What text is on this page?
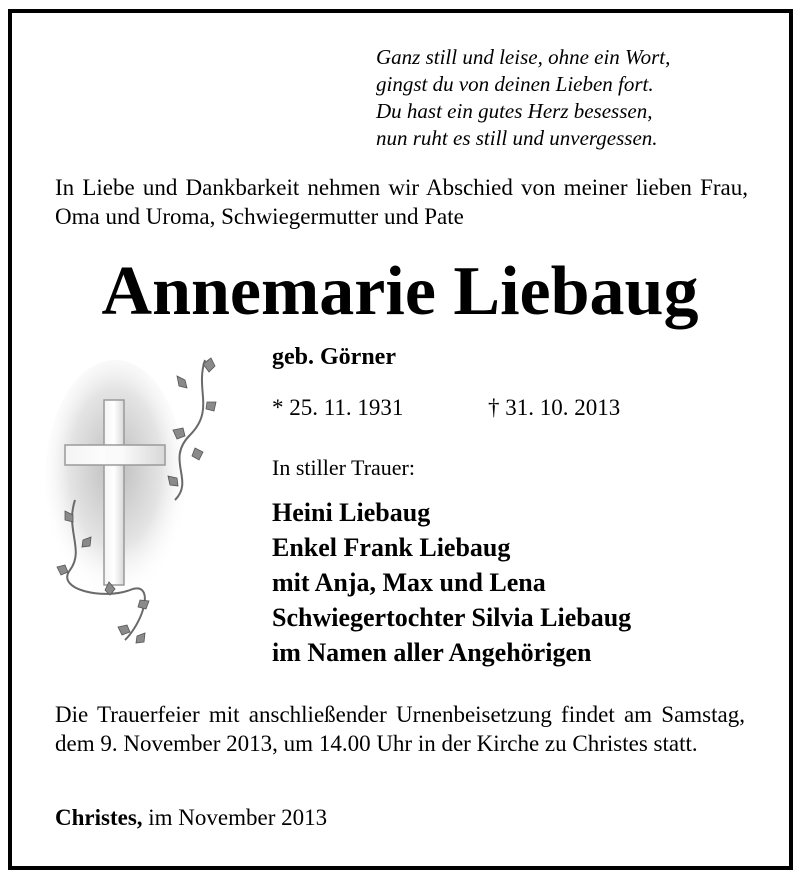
Ganz still und leise, ohne ein Wort,
gingst du von deinen Lieben fort.
Du hast ein gutes Herz besessen,
nun ruht es still und unvergessen.
In Liebe und Dankbarkeit nehmen wir Abschied von meiner lieben Frau, Oma und Uroma, Schwiegermutter und Pate
Annemarie Liebaug
geb. Görner
* 25. 11. 1931	† 31. 10. 2013
In stiller Trauer:
Heini Liebaug
Enkel Frank Liebaug
mit Anja, Max und Lena
Schwiegertochter Silvia Liebaug
im Namen aller Angehörigen
Die Trauerfeier mit anschließender Urnenbeisetzung findet am Samstag, dem 9. November 2013, um 14.00 Uhr in der Kirche zu Christes statt.
Christes, im November 2013
